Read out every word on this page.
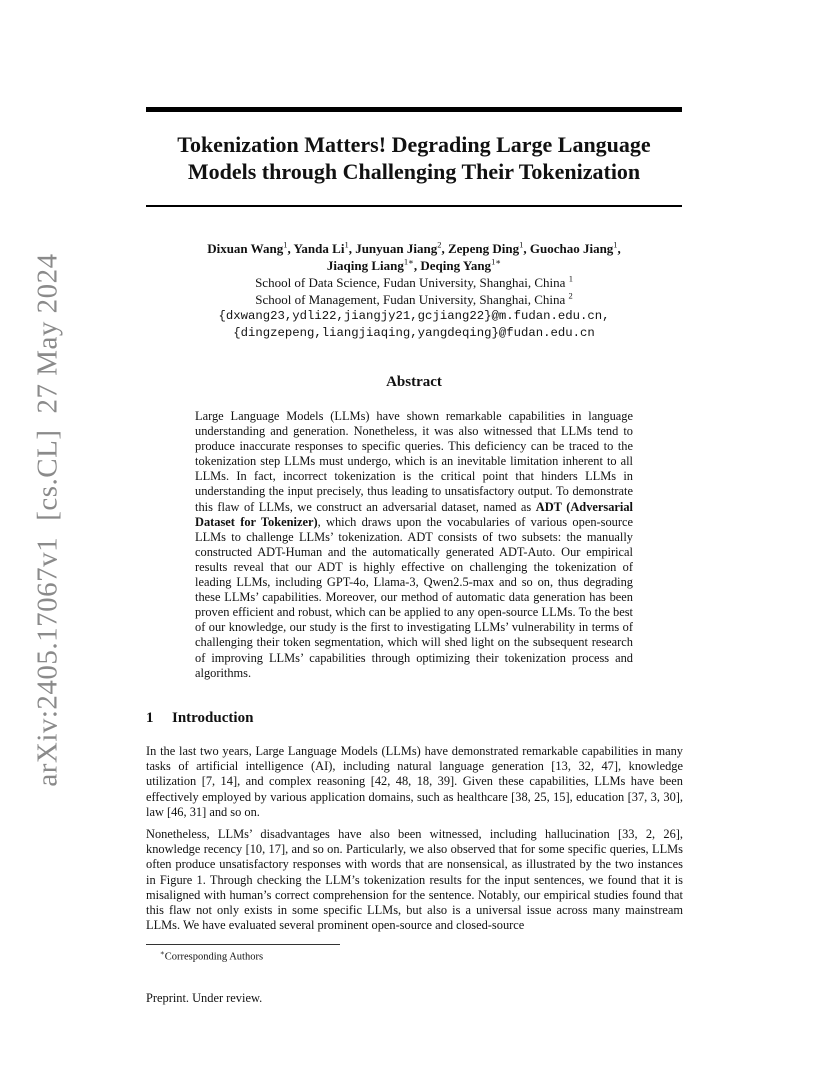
arXiv:2405.17067v1[cs.CL]27 May 2024
Tokenization Matters! Degrading Large Language
Models through Challenging Their Tokenization
Dixuan Wang$^1$, Yanda Li$^1$, Junyuan Jiang$^2$, Zepeng Ding$^1$, Guochao Jiang$^1$,
Jiaqing Liang$^{1∗}$, Deqing Yang$^{1∗}$
School of Data Science, Fudan University, Shanghai, China $^1$
School of Management, Fudan University, Shanghai, China $^2$
{dxwang23,ydli22,jiangjy21,gcjiang22}@m.fudan.edu.cn,
{dingzepeng,liangjiaqing,yangdeqing}@fudan.edu.cn
Abstract
Large Language Models (LLMs) have shown remarkable capabilities in language understanding and generation. Nonetheless, it was also witnessed that LLMs tend to produce inaccurate responses to specific queries. This deficiency can be traced to the tokenization step LLMs must undergo, which is an inevitable limitation inherent to all LLMs. In fact, incorrect tokenization is the critical point that hinders LLMs in understanding the input precisely, thus leading to unsatisfactory output. To demonstrate this flaw of LLMs, we construct an adversarial dataset, named as ADT (Adversarial Dataset for Tokenizer), which draws upon the vocabularies of various open-source LLMs to challenge LLMs’ tokenization. ADT consists of two subsets: the manually constructed ADT-Human and the automatically generated ADT-Auto. Our empirical results reveal that our ADT is highly effective on challenging the tokenization of leading LLMs, including GPT-4o, Llama-3, Qwen2.5-max and so on, thus degrading these LLMs’ capabilities. Moreover, our method of automatic data generation has been proven efficient and robust, which can be applied to any open-source LLMs. To the best of our knowledge, our study is the first to investigating LLMs’ vulnerability in terms of challenging their token segmentation, which will shed light on the subsequent research of improving LLMs’ capabilities through optimizing their tokenization process and algorithms.
1 Introduction

In the last two years, Large Language Models (LLMs) have demonstrated remarkable capabilities in many tasks of artificial intelligence (AI), including natural language generation [13, 32, 47], knowledge utilization [7, 14], and complex reasoning [42, 48, 18, 39]. Given these capabilities, LLMs have been effectively employed by various application domains, such as healthcare [38, 25, 15], education [37, 3, 30], law [46, 31] and so on.

Nonetheless, LLMs’ disadvantages have also been witnessed, including hallucination [33, 2, 26], knowledge recency [10, 17], and so on. Particularly, we also observed that for some specific queries, LLMs often produce unsatisfactory responses with words that are nonsensical, as illustrated by the two instances in Figure 1. Through checking the LLM’s tokenization results for the input sentences, we found that it is misaligned with human’s correct comprehension for the sentence. Notably, our empirical studies found that this flaw not only exists in some specific LLMs, but also is a universal issue across many mainstream LLMs. We have evaluated several prominent open-source and closed-source

∗Corresponding Authors
Preprint. Under review.
